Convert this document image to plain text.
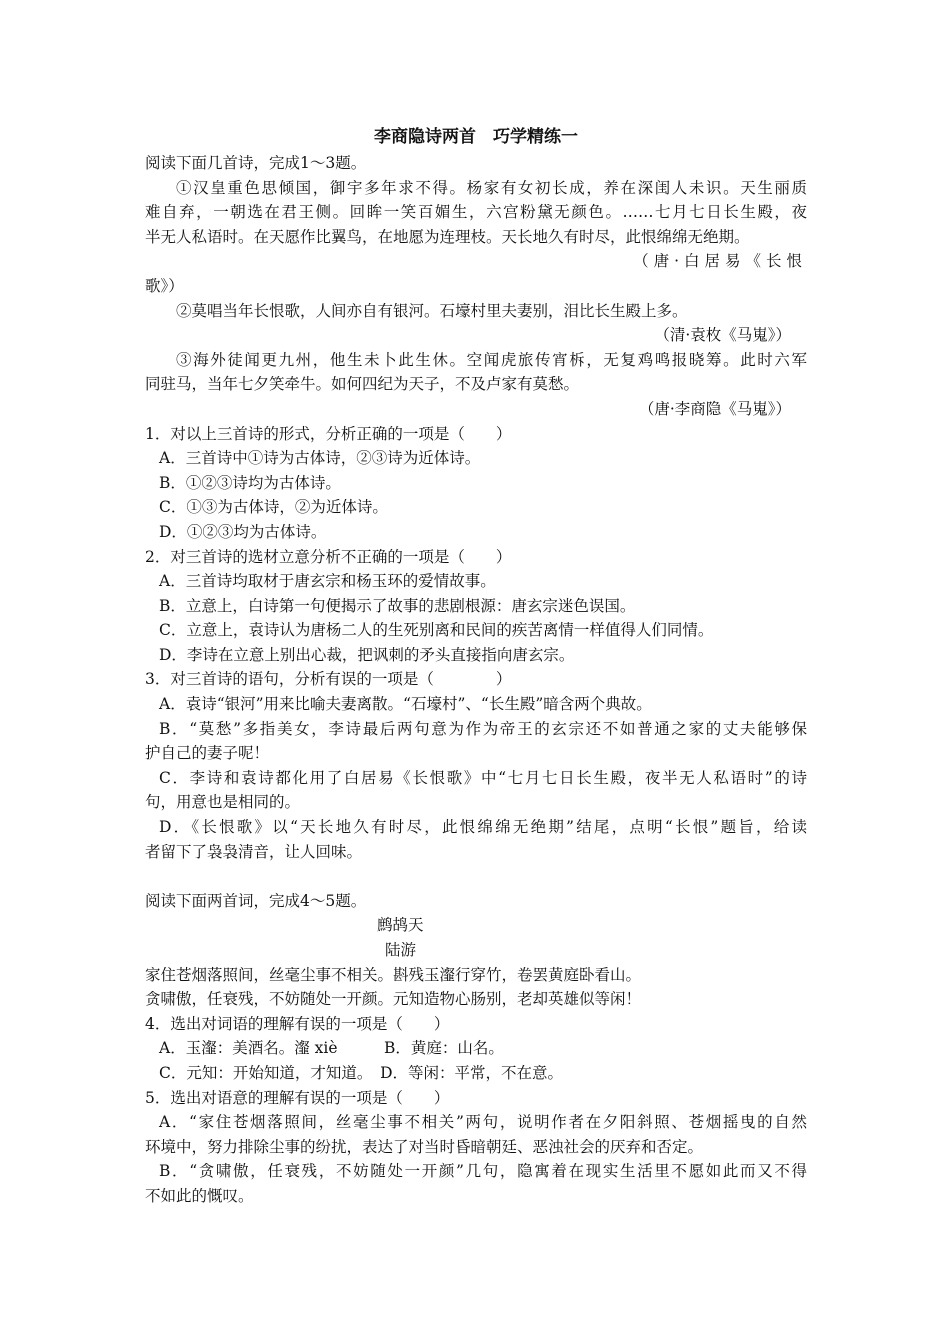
李商隐诗两首　巧学精练一
阅读下面几首诗，完成1～3题。
①汉皇重色思倾国，御宇多年求不得。杨家有女初长成，养在深闺人未识。天生丽质
难自弃，一朝选在君王侧。回眸一笑百媚生，六宫粉黛无颜色。……七月七日长生殿，夜
半无人私语时。在天愿作比翼鸟，在地愿为连理枝。天长地久有时尽，此恨绵绵无绝期。
（唐·白居易《长恨
歌》）
②莫唱当年长恨歌，人间亦自有银河。石壕村里夫妻别，泪比长生殿上多。
（清·袁枚《马嵬》）
③海外徒闻更九州，他生未卜此生休。空闻虎旅传宵柝，无复鸡鸣报晓筹。此时六军
同驻马，当年七夕笑牵牛。如何四纪为天子，不及卢家有莫愁。
（唐·李商隐《马嵬》）
1．对以上三首诗的形式，分析正确的一项是（　　）
A．三首诗中①诗为古体诗，②③诗为近体诗。
B．①②③诗均为古体诗。
C．①③为古体诗，②为近体诗。
D．①②③均为古体诗。
2．对三首诗的选材立意分析不正确的一项是（　　）
A．三首诗均取材于唐玄宗和杨玉环的爱情故事。
B．立意上，白诗第一句便揭示了故事的悲剧根源：唐玄宗迷色误国。
C．立意上，袁诗认为唐杨二人的生死别离和民间的疾苦离情一样值得人们同情。
D．李诗在立意上别出心裁，把讽刺的矛头直接指向唐玄宗。
3．对三首诗的语句，分析有误的一项是（　　　　）
A．袁诗“银河”用来比喻夫妻离散。“石壕村”、“长生殿”暗含两个典故。
B．“莫愁”多指美女，李诗最后两句意为作为帝王的玄宗还不如普通之家的丈夫能够保
护自己的妻子呢！
C．李诗和袁诗都化用了白居易《长恨歌》中“七月七日长生殿，夜半无人私语时”的诗
句，用意也是相同的。
D．《长恨歌》以“天长地久有时尽，此恨绵绵无绝期”结尾，点明“长恨”题旨，给读
者留下了袅袅清音，让人回味。
阅读下面两首词，完成4～5题。
鹧鸪天
陆游
家住苍烟落照间，丝毫尘事不相关。斟残玉瀣行穿竹，卷罢黄庭卧看山。
贪啸傲，任衰残，不妨随处一开颜。元知造物心肠别，老却英雄似等闲！
4．选出对词语的理解有误的一项是（　　）
A．玉瀣：美酒名。瀣 xiè　　　B．黄庭：山名。
C．元知：开始知道，才知道。　D．等闲：平常，不在意。
5．选出对语意的理解有误的一项是（　　）
A．“家住苍烟落照间，丝毫尘事不相关”两句，说明作者在夕阳斜照、苍烟摇曳的自然
环境中，努力排除尘事的纷扰，表达了对当时昏暗朝廷、恶浊社会的厌弃和否定。
B．“贪啸傲，任衰残，不妨随处一开颜”几句，隐寓着在现实生活里不愿如此而又不得
不如此的慨叹。
